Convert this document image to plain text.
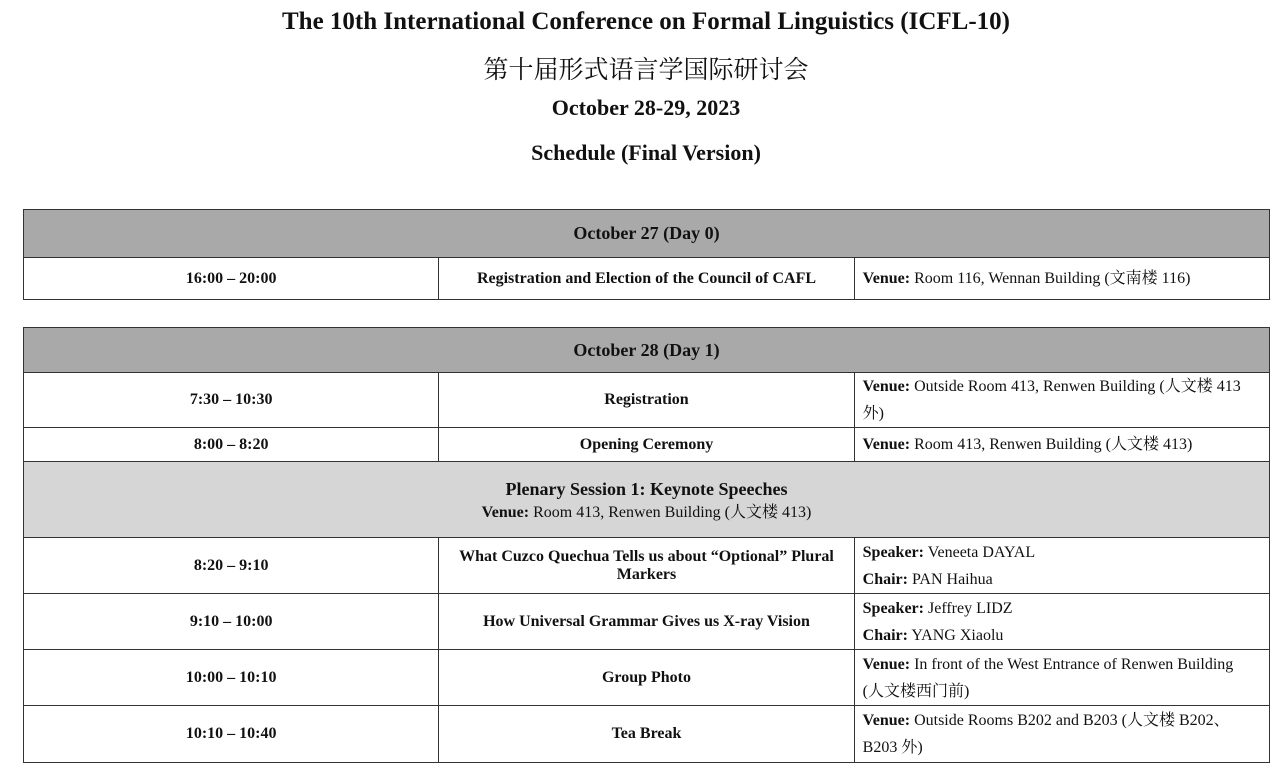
The 10th International Conference on Formal Linguistics (ICFL-10)
第十届形式语言学国际研讨会
October 28-29, 2023
Schedule (Final Version)
October 27 (Day 0)
16:00 – 20:00	Registration and Election of the Council of CAFL	Venue: Room 116, Wennan Building (文南楼 116)
October 28 (Day 1)		
7:30 – 10:30	Registration	Venue: Outside Room 413, Renwen Building (人文楼 413 外)
8:00 – 8:20	Opening Ceremony	Venue: Room 413, Renwen Building (人文楼 413)

Plenary Session 1: Keynote Speeches
Venue: Room 413, Renwen Building (人文楼 413)		

8:20 – 9:10	What Cuzco Quechua Tells us about “Optional” Plural Markers	Speaker: Veneeta DAYAL
Chair: PAN Haihua

9:10 – 10:00	How Universal Grammar Gives us X-ray Vision	Speaker: Jeffrey LIDZ
Chair: YANG Xiaolu

10:00 – 10:10	Group Photo	Venue: In front of the West Entrance of Renwen Building
(人文楼西门前)

10:10 – 10:40	Tea Break	Venue: Outside Rooms B202 and B203 (人文楼 B202、B203 外)
